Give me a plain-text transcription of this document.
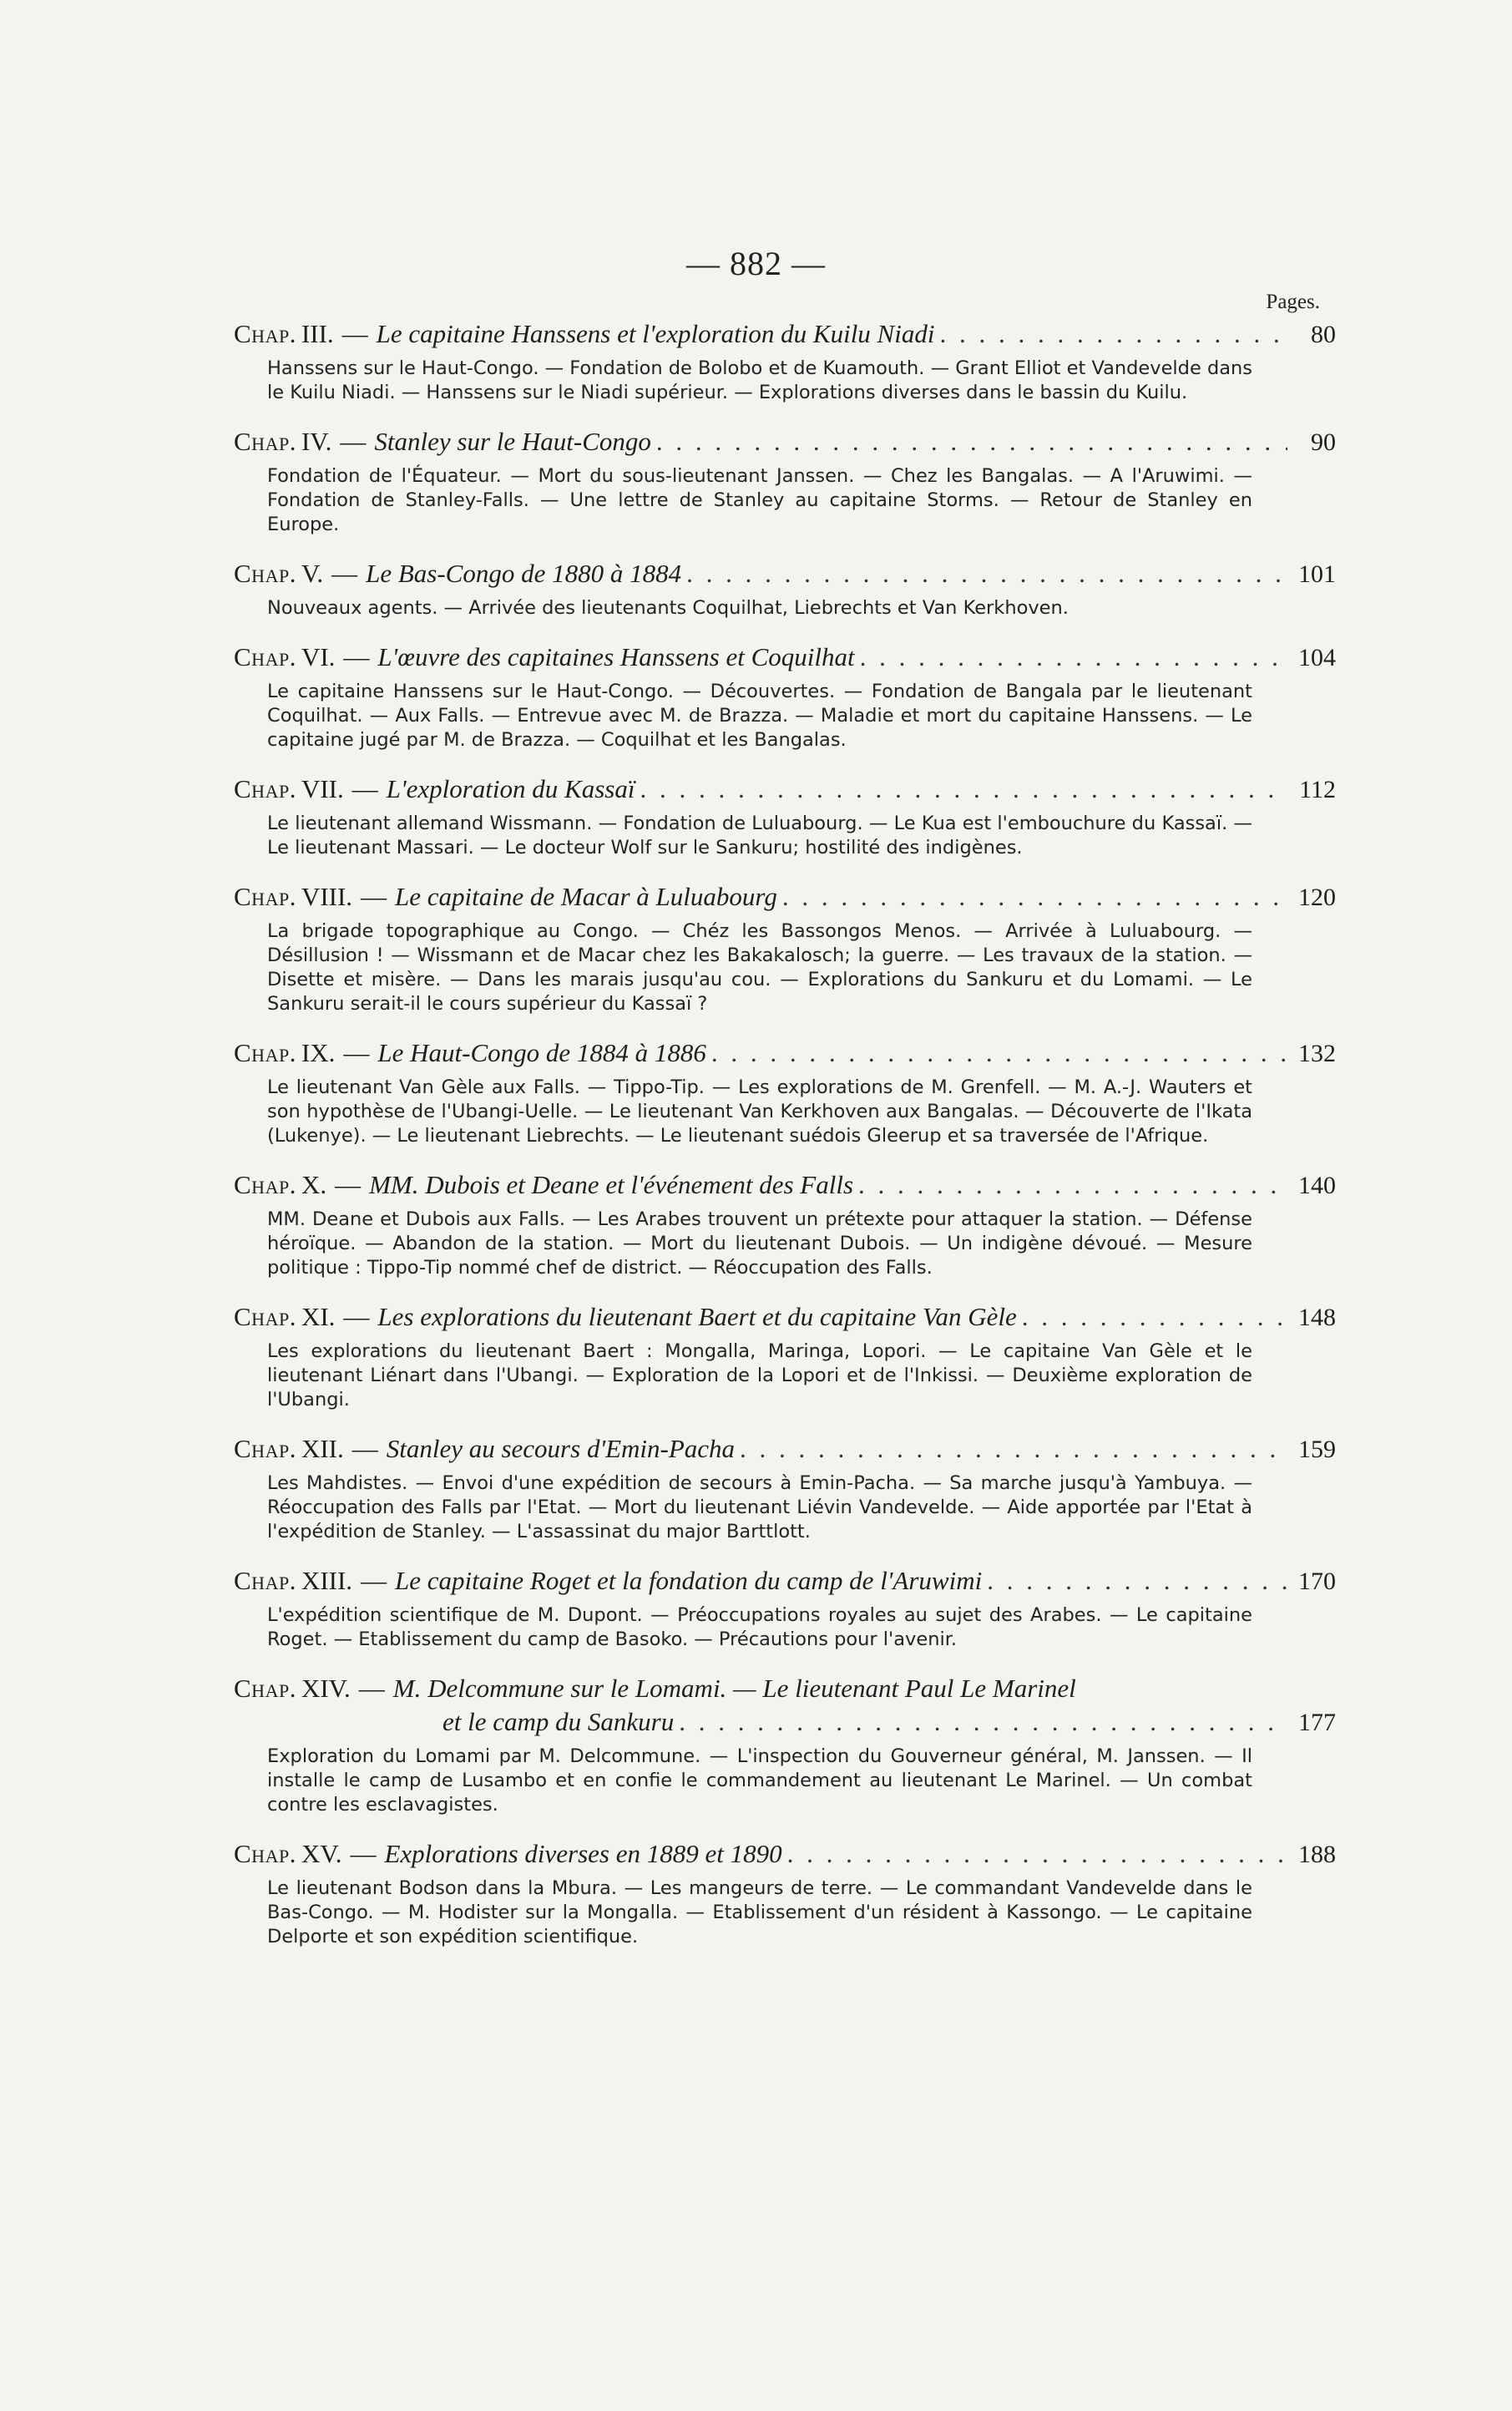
— 882 —
Pages.
Chap. III. — Le capitaine Hanssens et l'exploration du Kuilu Niadi . . .	80
Hanssens sur le Haut-Congo. — Fondation de Bolobo et de Kuamouth. — Grant Elliot et Vandevelde dans le Kuilu Niadi. — Hanssens sur le Niadi supérieur. — Explorations diverses dans le bassin du Kuilu.
Chap. IV. — Stanley sur le Haut-Congo . . .	90
Fondation de l'Équateur. — Mort du sous-lieutenant Janssen. — Chez les Bangalas. — A l'Aruwimi. — Fondation de Stanley-Falls. — Une lettre de Stanley au capitaine Storms. — Retour de Stanley en Europe.
Chap. V. — Le Bas-Congo de 1880 à 1884 . . .	101
Nouveaux agents. — Arrivée des lieutenants Coquilhat, Liebrechts et Van Kerkhoven.
Chap. VI. — L'œuvre des capitaines Hanssens et Coquilhat . . .	104
Le capitaine Hanssens sur le Haut-Congo. — Découvertes. — Fondation de Bangala par le lieutenant Coquilhat. — Aux Falls. — Entrevue avec M. de Brazza. — Maladie et mort du capitaine Hanssens. — Le capitaine jugé par M. de Brazza. — Coquilhat et les Bangalas.
Chap. VII. — L'exploration du Kassaï . . .	112
Le lieutenant allemand Wissmann. — Fondation de Luluabourg. — Le Kua est l'embouchure du Kassaï. — Le lieutenant Massari. — Le docteur Wolf sur le Sankuru; hostilité des indigènes.
Chap. VIII. — Le capitaine de Macar à Luluabourg . . .	120
La brigade topographique au Congo. — Chéz les Bassongos Menos. — Arrivée à Luluabourg. — Désillusion ! — Wissmann et de Macar chez les Bakakalosch; la guerre. — Les travaux de la station. — Disette et misère. — Dans les marais jusqu'au cou. — Explorations du Sankuru et du Lomami. — Le Sankuru serait-il le cours supérieur du Kassaï ?
Chap. IX. — Le Haut-Congo de 1884 à 1886 . . .	132
Le lieutenant Van Gèle aux Falls. — Tippo-Tip. — Les explorations de M. Grenfell. — M. A.-J. Wauters et son hypothèse de l'Ubangi-Uelle. — Le lieutenant Van Kerkhoven aux Bangalas. — Découverte de l'Ikata (Lukenye). — Le lieutenant Liebrechts. — Le lieutenant suédois Gleerup et sa traversée de l'Afrique.
Chap. X. — MM. Dubois et Deane et l'événement des Falls . . .	140
MM. Deane et Dubois aux Falls. — Les Arabes trouvent un prétexte pour attaquer la station. — Défense héroïque. — Abandon de la station. — Mort du lieutenant Dubois. — Un indigène dévoué. — Mesure politique : Tippo-Tip nommé chef de district. — Réoccupation des Falls.
Chap. XI. — Les explorations du lieutenant Baert et du capitaine Van Gèle . . .	148
Les explorations du lieutenant Baert : Mongalla, Maringa, Lopori. — Le capitaine Van Gèle et le lieutenant Liénart dans l'Ubangi. — Exploration de la Lopori et de l'Inkissi. — Deuxième exploration de l'Ubangi.
Chap. XII. — Stanley au secours d'Emin-Pacha . . .	159
Les Mahdistes. — Envoi d'une expédition de secours à Emin-Pacha. — Sa marche jusqu'à Yambuya. — Réoccupation des Falls par l'Etat. — Mort du lieutenant Liévin Vandevelde. — Aide apportée par l'Etat à l'expédition de Stanley. — L'assassinat du major Barttlott.
Chap. XIII. — Le capitaine Roget et la fondation du camp de l'Aruwimi . . .	170
L'expédition scientifique de M. Dupont. — Préoccupations royales au sujet des Arabes. — Le capitaine Roget. — Etablissement du camp de Basoko. — Précautions pour l'avenir.
Chap. XIV. — M. Delcommune sur le Lomami. — Le lieutenant Paul Le Marinel
et le camp du Sankuru . . .	177
Exploration du Lomami par M. Delcommune. — L'inspection du Gouverneur général, M. Janssen. — Il installe le camp de Lusambo et en confie le commandement au lieutenant Le Marinel. — Un combat contre les esclavagistes.
Chap. XV. — Explorations diverses en 1889 et 1890 . . .	188
Le lieutenant Bodson dans la Mbura. — Les mangeurs de terre. — Le commandant Vandevelde dans le Bas-Congo. — M. Hodister sur la Mongalla. — Etablissement d'un résident à Kassongo. — Le capitaine Delporte et son expédition scientifique.
